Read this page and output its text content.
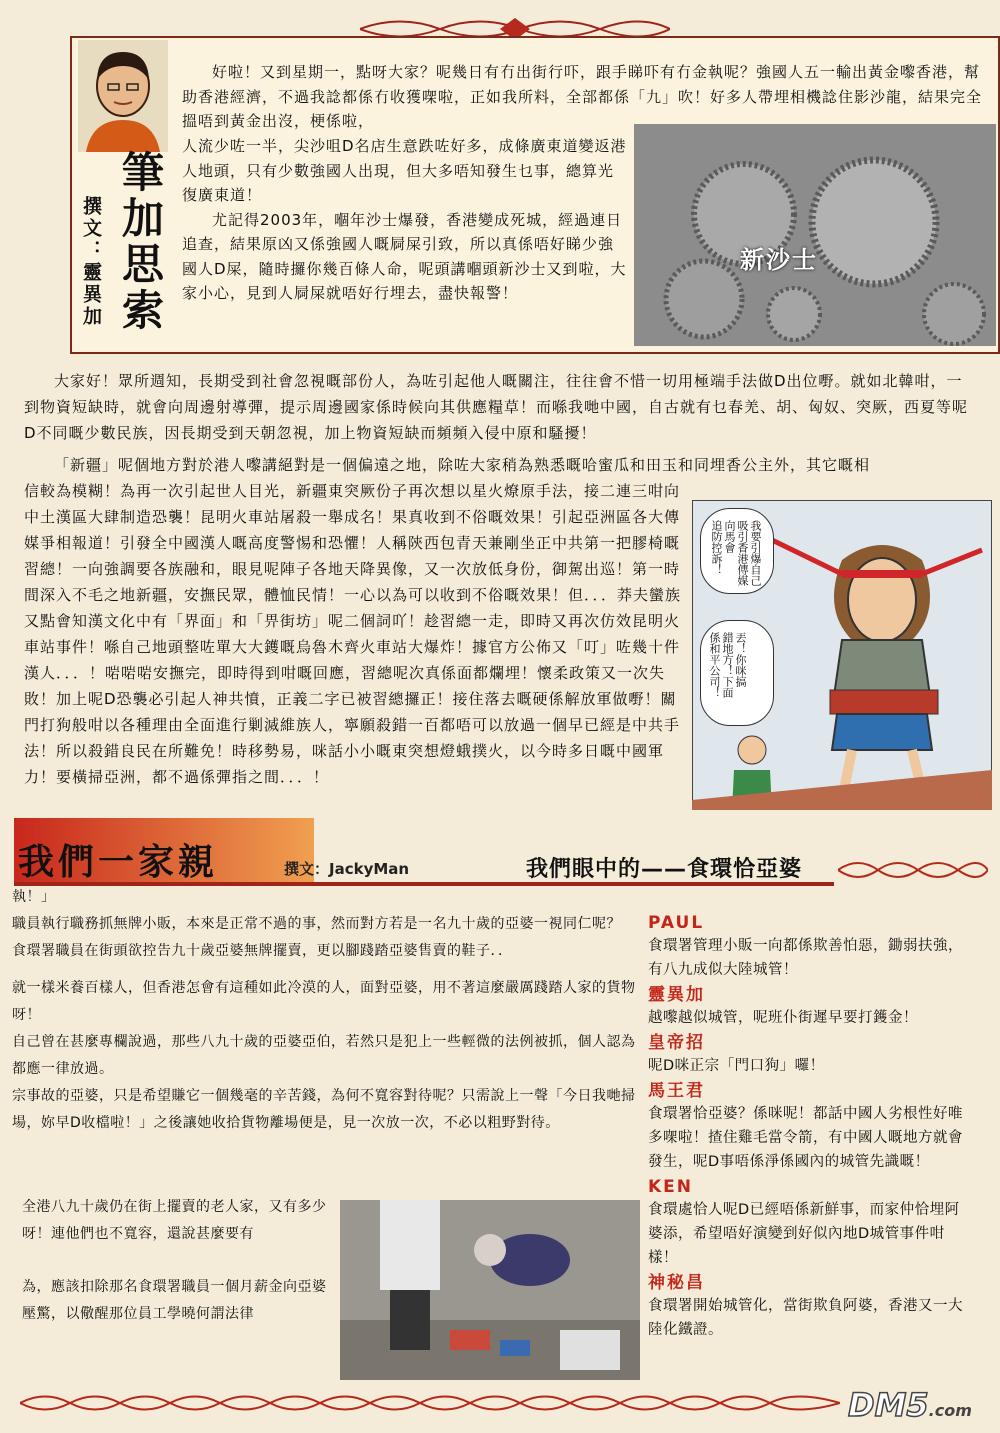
筆加思索
撰文：靈異加

好啦！又到星期一，點呀大家？呢幾日有冇出街行吓，跟手睇吓有冇金執呢？強國人五一輸出黃金嚟香港，幫助香港經濟，不過我諗都係冇收獲㗎啦，正如我所料，全部都係「九」吹！好多人帶埋相機諗住影沙龍，結果完全搵唔到黃金出沒，梗係啦，

人流少咗一半，尖沙咀D名店生意跌咗好多，成條廣東道變返港人地頭，只有少數強國人出現，但大多唔知發生乜事，總算光復廣東道！

尤記得2003年，嗰年沙士爆發，香港變成死城，經過連日追查，結果原凶又係強國人嘅屙屎引致，所以真係唔好睇少強國人D屎，隨時攞你幾百條人命，呢頭講嗰頭新沙士又到啦，大家小心，見到人屙屎就唔好行埋去，盡快報警！

新沙士

大家好！眾所週知，長期受到社會忽視嘅部份人，為咗引起他人嘅關注，往往會不惜一切用極端手法做D出位嘢。就如北韓咁，一到物資短缺時，就會向周邊射導彈，提示周邊國家係時候向其供應糧草！而喺我哋中國，自古就有乜春羌、胡、匈奴、突厥，西夏等呢D不同嘅少數民族，因長期受到天朝忽視，加上物資短缺而頻頻入侵中原和騷擾！

「新疆」呢個地方對於港人嚟講絕對是一個偏遠之地，除咗大家稍為熟悉嘅哈蜜瓜和田玉和同埋香公主外，其它嘅相

信較為模糊！為再一次引起世人目光，新疆東突厥份子再次想以星火燎原手法，接二連三咁向中土漢區大肆制造恐襲！昆明火車站屠殺一舉成名！果真收到不俗嘅效果！引起亞洲區各大傳媒爭相報道！引發全中國漢人嘅高度警惕和恐懼！人稱陝西包青天兼剛坐正中共第一把膠椅嘅習總！一向強調要各族融和，眼見呢陣子各地天降異像，又一次放低身份，御駕出巡！第一時間深入不毛之地新疆，安撫民眾，體恤民情！一心以為可以收到不俗嘅效果！但．．．莽夫蠻族又點會知漢文化中有「界面」和「畀街坊」呢二個詞吖！趁習總一走，即時又再次仿效昆明火車站事件！喺自己地頭整咗單大大鑊嘅烏魯木齊火車站大爆炸！據官方公佈又「叮」咗幾十件漢人．．．！啱啱啱安撫完，即時得到咁嘅回應，習總呢次真係面都爛埋！懷柔政策又一次失敗！加上呢D恐襲必引起人神共憤，正義二字已被習總攞正！接住落去嘅硬係解放軍做嘢！關門打狗般咁以各種理由全面進行剿滅維族人，寧願殺錯一百都唔可以放過一個早已經是中共手法！所以殺錯良民在所難免！時移勢易，咪話小小嘅東突想燈蛾撲火，以今時多日嘅中國軍力！要橫掃亞洲，都不過係彈指之間．．．！

我要引爆自己
吸引香港傳媒
向馬會
追防控訴！
丟！你咪搞
錯地方！下面
係和平公司！
我們一家親	撰文：JackyMan	我們眼中的——食環恰亞婆

執！」

職員執行職務抓無牌小販，本來是正常不過的事，然而對方若是一名九十歲的亞婆一視同仁呢？

食環署職員在街頭欲控告九十歲亞婆無牌擺賣，更以腳踐踏亞婆售賣的鞋子．．

就一樣米養百樣人，但香港怎會有這種如此冷漠的人，面對亞婆，用不著這麼嚴厲踐踏人家的貨物呀！

自己曾在甚麼專欄說過，那些八九十歲的亞婆亞伯，若然只是犯上一些輕微的法例被抓，個人認為都應一律放過。

宗事故的亞婆，只是希望賺它一個幾毫的辛苦錢，為何不寬容對待呢？只需說上一聲「今日我哋掃場，妳早D收檔啦！」之後讓她收拾貨物離場便是，見一次放一次，不必以粗野對待。

全港八九十歲仍在街上擺賣的老人家，又有多少呀！連他們也不寬容，還說甚麼要有

為，應該扣除那名食環署職員一個月薪金向亞婆壓驚，以儆醒那位員工學曉何謂法律

PAUL

食環署管理小販一向都係欺善怕惡，鋤弱扶強，有八九成似大陸城管！

靈異加

越嚟越似城管，呢班仆街遲早要打鑊金！

皇帝招

呢D咪正宗「門口狗」囉！

馬王君

食環署恰亞婆？係咪呢！都話中國人劣根性好唯多㗎啦！揸住雞毛當令箭，有中國人嘅地方就會發生，呢D事唔係淨係國內的城管先識嘅！

KEN

食環處恰人呢D已經唔係新鮮事，而家仲恰埋阿婆添，希望唔好演變到好似內地D城管事件咁樣！

神秘昌

食環署開始城管化，當街欺負阿婆，香港又一大陸化鐵證。

DM5.com
